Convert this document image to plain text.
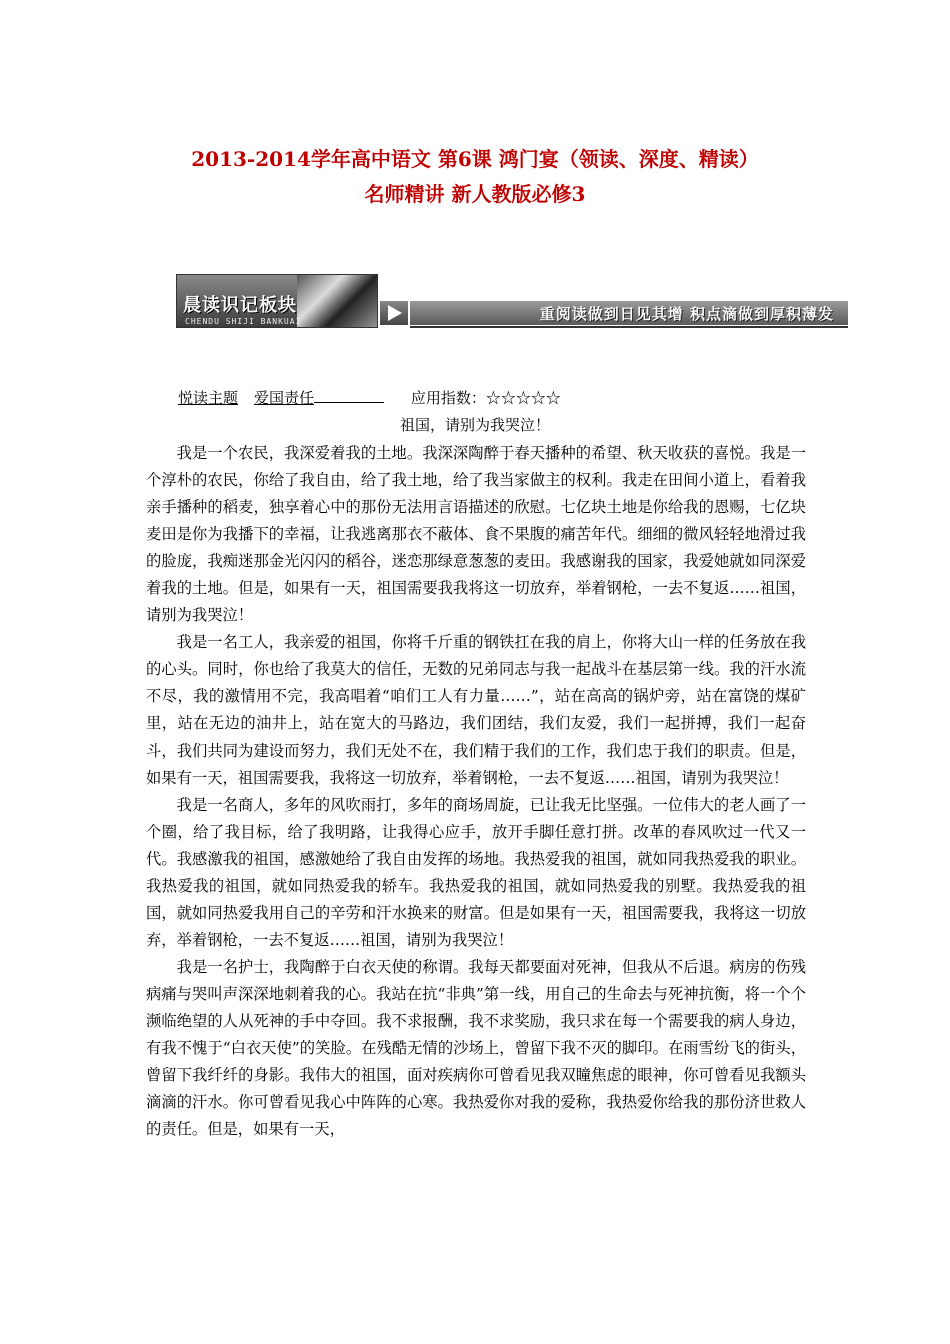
2013-2014学年高中语文 第6课 鸿门宴（领读、深度、精读）
名师精讲 新人教版必修3
晨读识记板块
CHENDU SHIJI BANKUAI	重阅读做到日见其增 积点滴做到厚积薄发
悦读主题 爱国责任	应用指数：☆☆☆☆☆
祖国，请别为我哭泣！

我是一个农民，我深爱着我的土地。我深深陶醉于春天播种的希望、秋天收获的喜悦。我是一个淳朴的农民，你给了我自由，给了我土地，给了我当家做主的权利。我走在田间小道上，看着我亲手播种的稻麦，独享着心中的那份无法用言语描述的欣慰。七亿块土地是你给我的恩赐，七亿块麦田是你为我播下的幸福，让我逃离那衣不蔽体、食不果腹的痛苦年代。细细的微风轻轻地滑过我的脸庞，我痴迷那金光闪闪的稻谷，迷恋那绿意葱葱的麦田。我感谢我的国家，我爱她就如同深爱着我的土地。但是，如果有一天，祖国需要我我将这一切放弃，举着钢枪，一去不复返……祖国，请别为我哭泣！

我是一名工人，我亲爱的祖国，你将千斤重的钢铁扛在我的肩上，你将大山一样的任务放在我的心头。同时，你也给了我莫大的信任，无数的兄弟同志与我一起战斗在基层第一线。我的汗水流不尽，我的激情用不完，我高唱着“咱们工人有力量……”，站在高高的锅炉旁，站在富饶的煤矿里，站在无边的油井上，站在宽大的马路边，我们团结，我们友爱，我们一起拼搏，我们一起奋斗，我们共同为建设而努力，我们无处不在，我们精于我们的工作，我们忠于我们的职责。但是，如果有一天，祖国需要我，我将这一切放弃，举着钢枪，一去不复返……祖国，请别为我哭泣！

我是一名商人，多年的风吹雨打，多年的商场周旋，已让我无比坚强。一位伟大的老人画了一个圈，给了我目标，给了我明路，让我得心应手，放开手脚任意打拼。改革的春风吹过一代又一代。我感激我的祖国，感激她给了我自由发挥的场地。我热爱我的祖国，就如同我热爱我的职业。我热爱我的祖国，就如同热爱我的轿车。我热爱我的祖国，就如同热爱我的别墅。我热爱我的祖国，就如同热爱我用自己的辛劳和汗水换来的财富。但是如果有一天，祖国需要我，我将这一切放弃，举着钢枪，一去不复返……祖国，请别为我哭泣！

我是一名护士，我陶醉于白衣天使的称谓。我每天都要面对死神，但我从不后退。病房的伤残病痛与哭叫声深深地刺着我的心。我站在抗“非典”第一线，用自己的生命去与死神抗衡，将一个个濒临绝望的人从死神的手中夺回。我不求报酬，我不求奖励，我只求在每一个需要我的病人身边，有我不愧于“白衣天使”的笑脸。在残酷无情的沙场上，曾留下我不灭的脚印。在雨雪纷飞的街头，曾留下我纤纤的身影。我伟大的祖国，面对疾病你可曾看见我双瞳焦虑的眼神，你可曾看见我额头滴滴的汗水。你可曾看见我心中阵阵的心寒。我热爱你对我的爱称，我热爱你给我的那份济世救人的责任。但是，如果有一天，
